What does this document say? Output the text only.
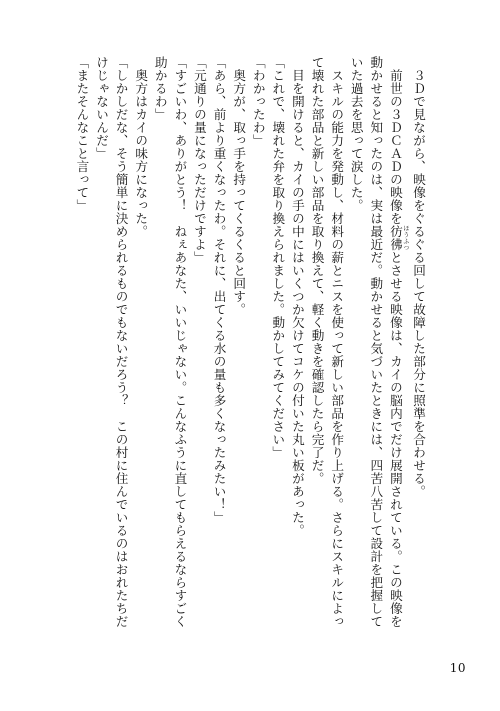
　３Ｄで見ながら、映像をぐるぐる回して故障した部分に照準を合わせる。
　前世の３ＤＣＡＤの映像を彷彿 ほうふつとさせる映像は、カイの脳内でだけ展開されている。この映像を
動かせると知ったのは、実は最近だ。動かせると気づいたときには、四苦八苦して設計を把握して
いた過去を思って涙した。
　スキルの能力を発動し、材料の薪とニスを使って新しい部品を作り上げる。さらにスキルによっ
て壊れた部品と新しい部品を取り換えて、軽く動きを確認したら完了だ。
　目を開けると、カイの手の中にはいくつか欠けてコケの付いた丸い板があった。
「これで、壊れた弁を取り換えられました。動かしてみてください」
「わかったわ」
　奥方が、取っ手を持ってくるくると回す。
「あら、前より重くなったわ。それに、出てくる水の量も多くなったみたい！」
「元通りの量になっただけですよ」
「すごいわ、ありがとう！　ねぇあなた、いいじゃない。こんなふうに直してもらえるならすごく
助かるわ」
　奥方はカイの味方になった。
「しかしだな、そう簡単に決められるものでもないだろう？　この村に住んでいるのはおれたちだ
けじゃないんだ」
「またそんなこと言って」
10
